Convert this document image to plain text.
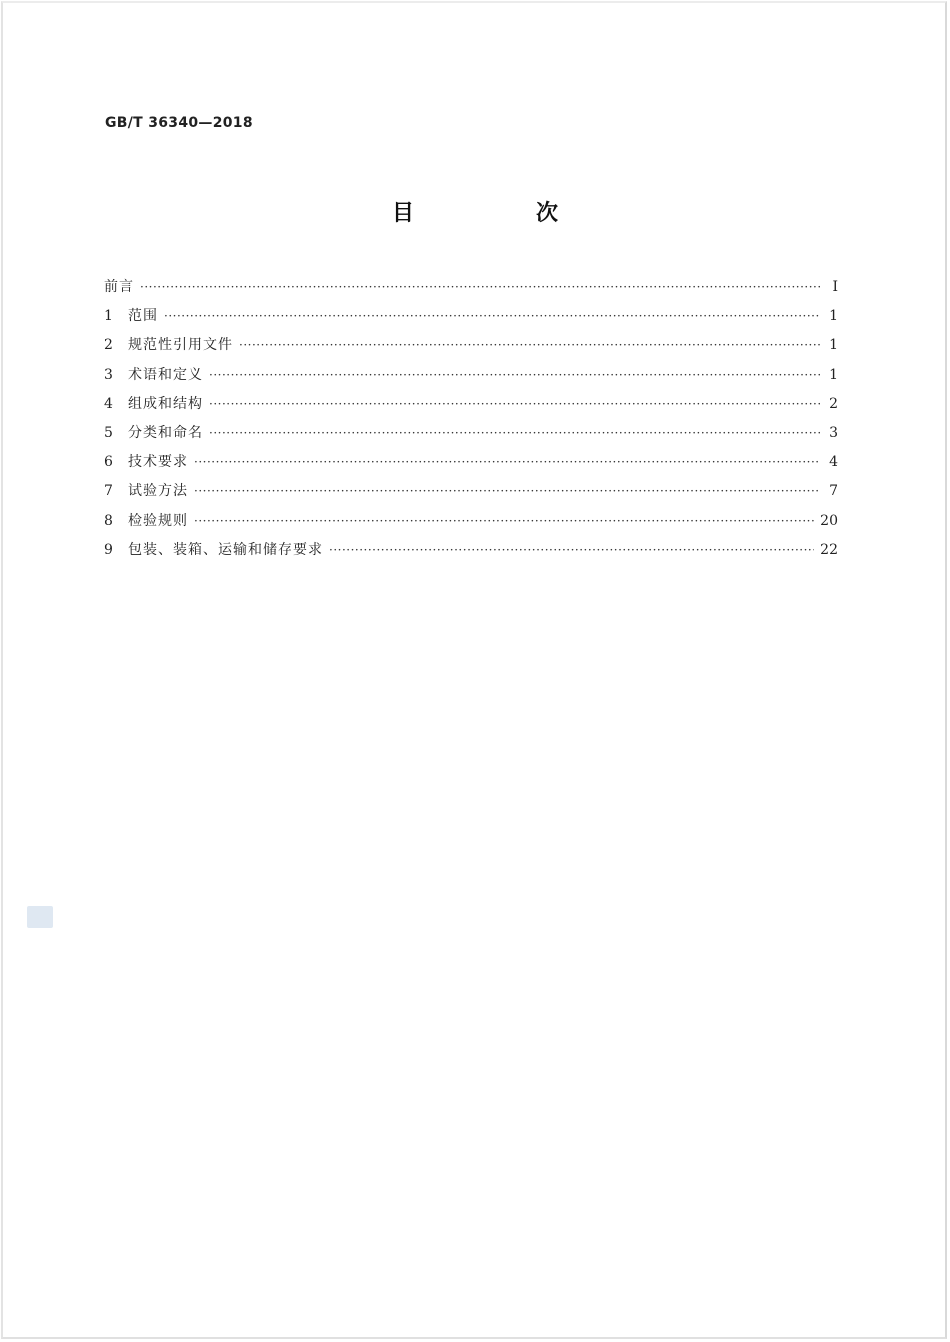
GB/T 36340—2018
目　次
前言 ·····	Ⅰ
1	范围 ·····	1
2	规范性引用文件 ·····	1
3	术语和定义 ·····	1
4	组成和结构 ·····	2
5	分类和命名 ·····	3
6	技术要求 ·····	4
7	试验方法 ·····	7
8	检验规则 ·····	20
9	包装、装箱、运输和储存要求 ·····	22
